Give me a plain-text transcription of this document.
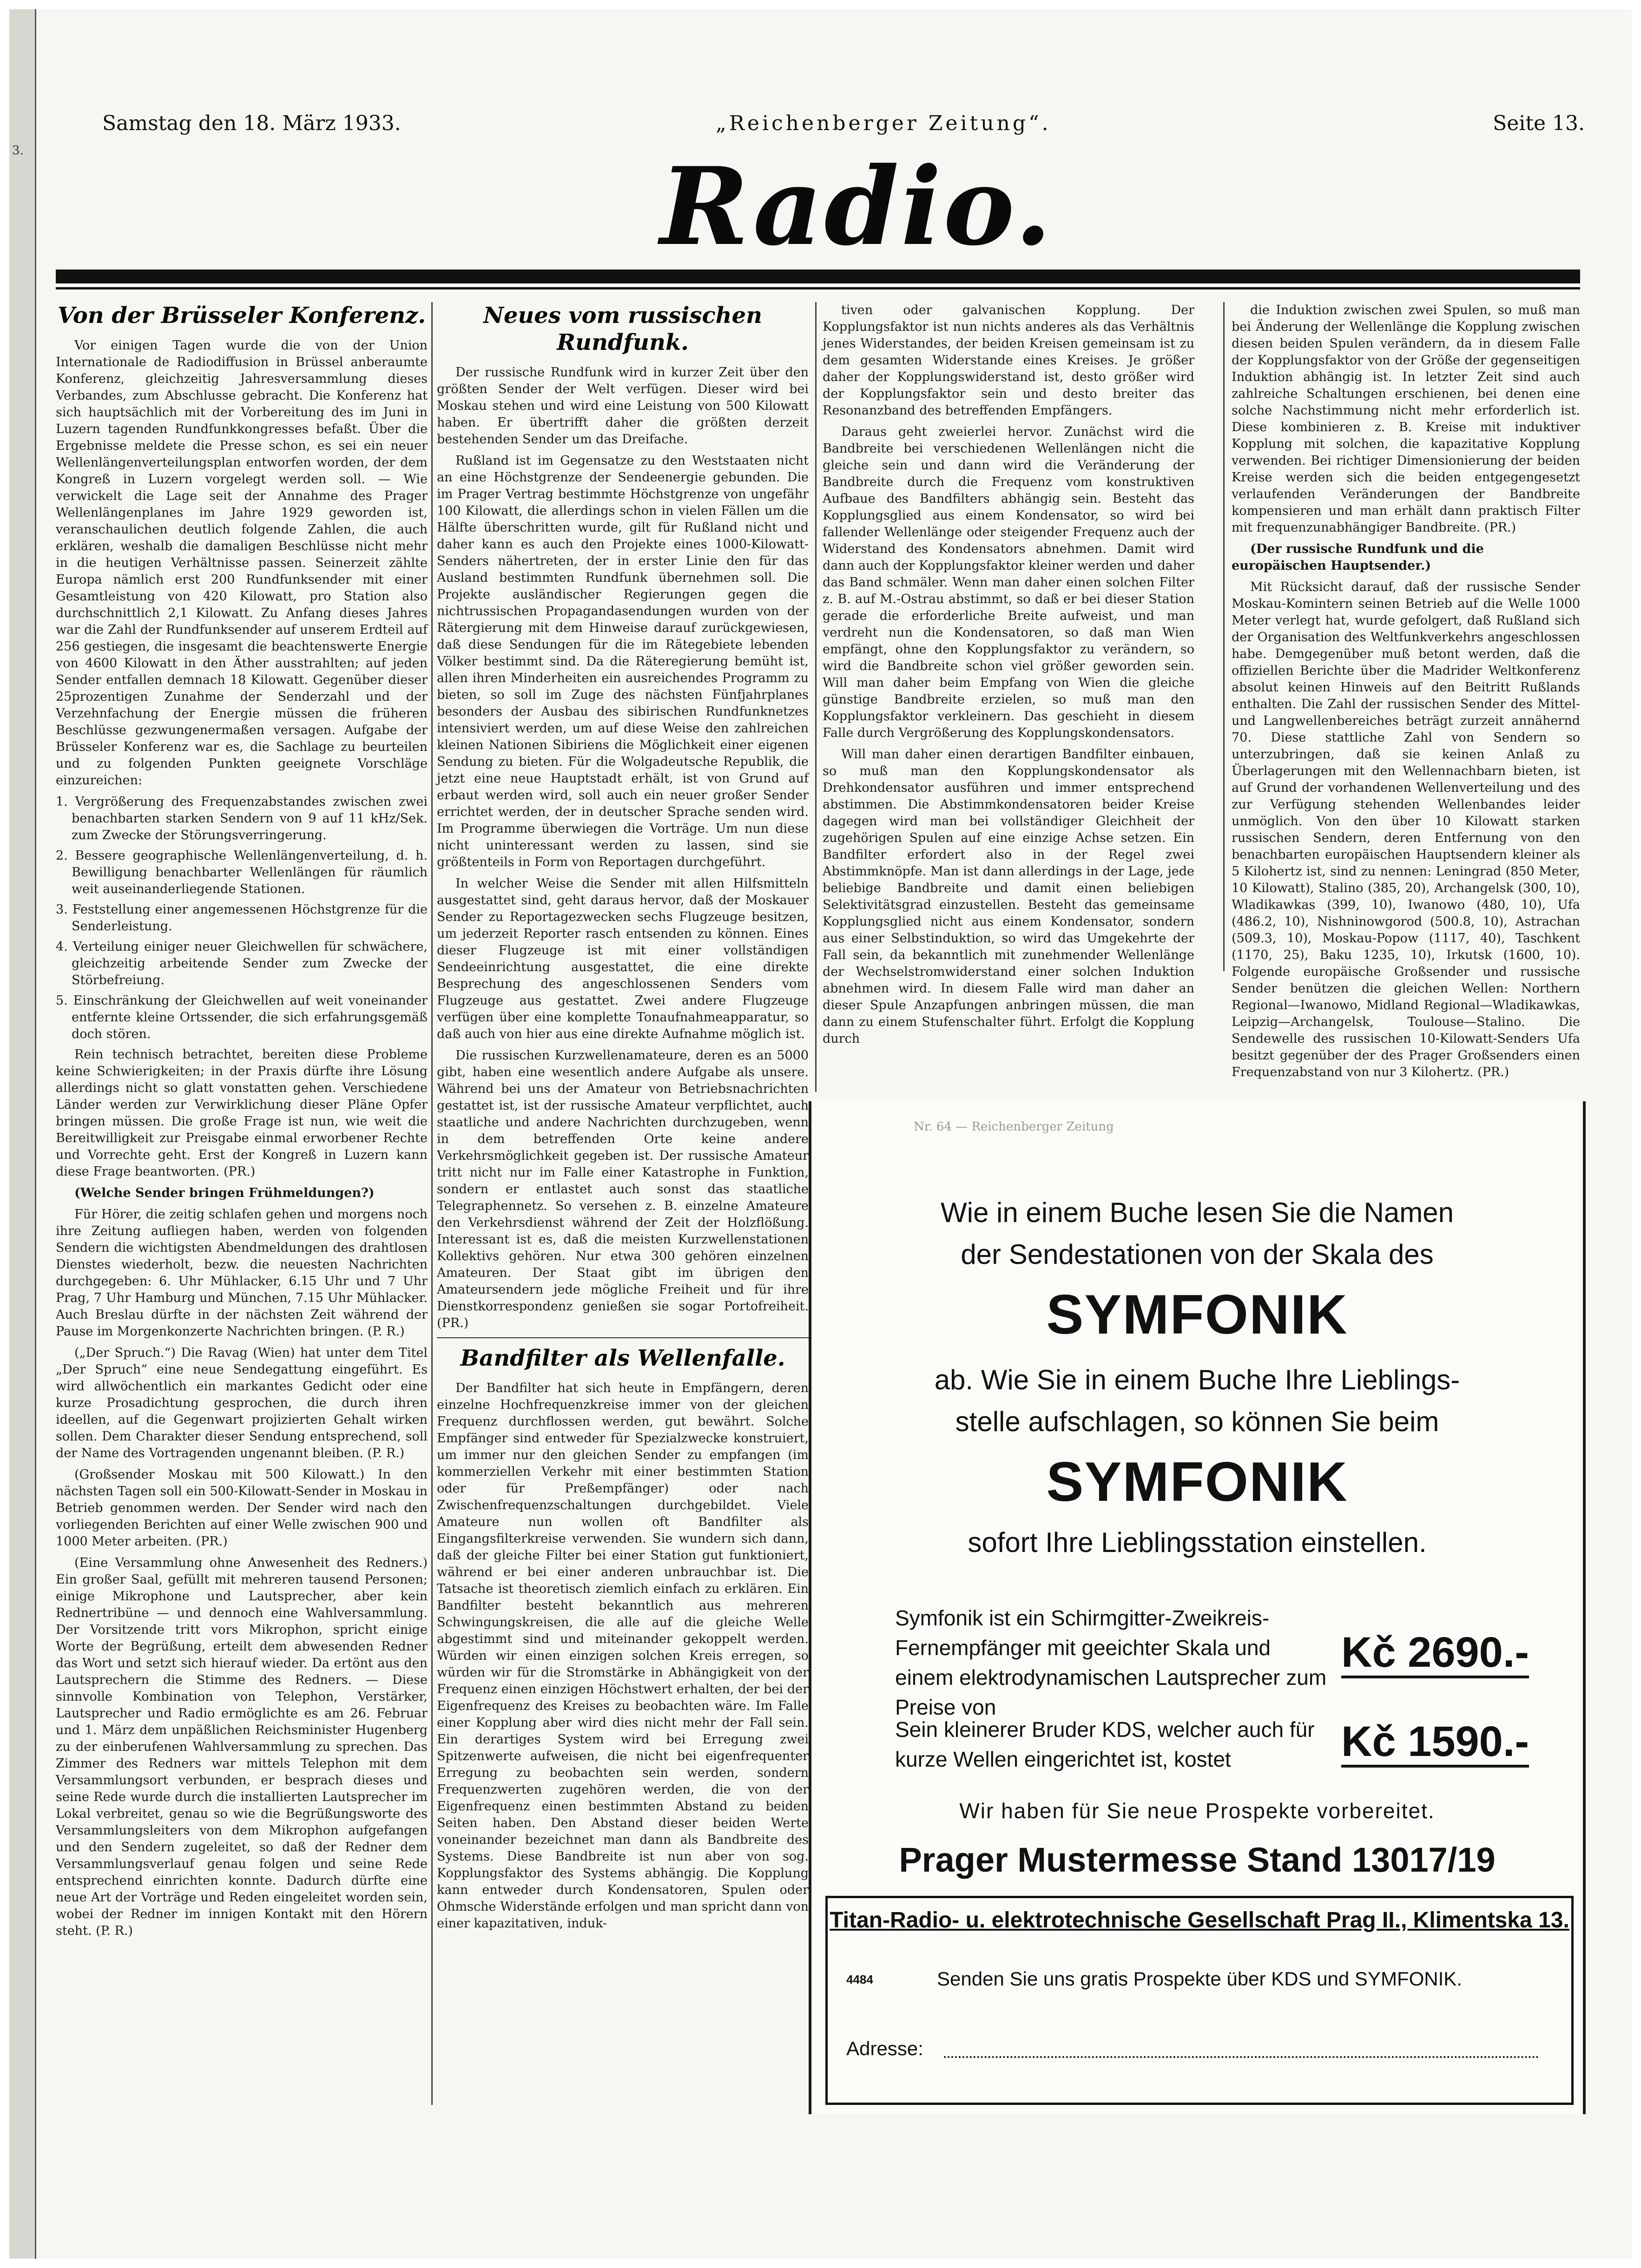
3.
Samstag den 18. März 1933.	„Reichenberger Zeitung“.	Seite 13.
Radio.
Von der Brüsseler Konferenz.

Vor einigen Tagen wurde die von der Union Internationale de Radiodiffusion in Brüssel anberaumte Konferenz, gleichzeitig Jahresversammlung dieses Verbandes, zum Abschlusse gebracht. Die Konferenz hat sich hauptsächlich mit der Vorbereitung des im Juni in Luzern tagenden Rundfunkkongresses befaßt. Über die Ergebnisse meldete die Presse schon, es sei ein neuer Wellenlängenverteilungsplan entworfen worden, der dem Kongreß in Luzern vorgelegt werden soll. — Wie verwickelt die Lage seit der Annahme des Prager Wellenlängenplanes im Jahre 1929 geworden ist, veranschaulichen deutlich folgende Zahlen, die auch erklären, weshalb die damaligen Beschlüsse nicht mehr in die heutigen Verhältnisse passen. Seinerzeit zählte Europa nämlich erst 200 Rundfunksender mit einer Gesamtleistung von 420 Kilowatt, pro Station also durchschnittlich 2,1 Kilowatt. Zu Anfang dieses Jahres war die Zahl der Rundfunksender auf unserem Erdteil auf 256 gestiegen, die insgesamt die beachtenswerte Energie von 4600 Kilowatt in den Äther ausstrahlten; auf jeden Sender entfallen demnach 18 Kilowatt. Gegenüber dieser 25prozentigen Zunahme der Senderzahl und der Verzehnfachung der Energie müssen die früheren Beschlüsse gezwungenermaßen versagen. Aufgabe der Brüsseler Konferenz war es, die Sachlage zu beurteilen und zu folgenden Punkten geeignete Vorschläge einzureichen:

1. Vergrößerung des Frequenzabstandes zwischen zwei benachbarten starken Sendern von 9 auf 11 kHz/Sek. zum Zwecke der Störungsverringerung.
2. Bessere geographische Wellenlängenverteilung, d. h. Bewilligung benachbarter Wellenlängen für räumlich weit auseinanderliegende Stationen.
3. Feststellung einer angemessenen Höchstgrenze für die Senderleistung.
4. Verteilung einiger neuer Gleichwellen für schwächere, gleichzeitig arbeitende Sender zum Zwecke der Störbefreiung.
5. Einschränkung der Gleichwellen auf weit voneinander entfernte kleine Ortssender, die sich erfahrungsgemäß doch stören.

Rein technisch betrachtet, bereiten diese Probleme keine Schwierigkeiten; in der Praxis dürfte ihre Lösung allerdings nicht so glatt vonstatten gehen. Verschiedene Länder werden zur Verwirklichung dieser Pläne Opfer bringen müssen. Die große Frage ist nun, wie weit die Bereitwilligkeit zur Preisgabe einmal erworbener Rechte und Vorrechte geht. Erst der Kongreß in Luzern kann diese Frage beantworten. (PR.)

(Welche Sender bringen Frühmeldungen?)

Für Hörer, die zeitig schlafen gehen und morgens noch ihre Zeitung aufliegen haben, werden von folgenden Sendern die wichtigsten Abendmeldungen des drahtlosen Dienstes wiederholt, bezw. die neuesten Nachrichten durchgegeben: 6. Uhr Mühlacker, 6.15 Uhr und 7 Uhr Prag, 7 Uhr Hamburg und München, 7.15 Uhr Mühlacker. Auch Breslau dürfte in der nächsten Zeit während der Pause im Morgenkonzerte Nachrichten bringen. (P. R.)

(„Der Spruch.“) Die Ravag (Wien) hat unter dem Titel „Der Spruch“ eine neue Sendegattung eingeführt. Es wird allwöchentlich ein markantes Gedicht oder eine kurze Prosadichtung gesprochen, die durch ihren ideellen, auf die Gegenwart projizierten Gehalt wirken sollen. Dem Charakter dieser Sendung entsprechend, soll der Name des Vortragenden ungenannt bleiben. (P. R.)

(Großsender Moskau mit 500 Kilowatt.) In den nächsten Tagen soll ein 500-Kilowatt-Sender in Moskau in Betrieb genommen werden. Der Sender wird nach den vorliegenden Berichten auf einer Welle zwischen 900 und 1000 Meter arbeiten. (PR.)

(Eine Versammlung ohne Anwesenheit des Redners.) Ein großer Saal, gefüllt mit mehreren tausend Personen; einige Mikrophone und Lautsprecher, aber kein Rednertribüne — und dennoch eine Wahlversammlung. Der Vorsitzende tritt vors Mikrophon, spricht einige Worte der Begrüßung, erteilt dem abwesenden Redner das Wort und setzt sich hierauf wieder. Da ertönt aus den Lautsprechern die Stimme des Redners. — Diese sinnvolle Kombination von Telephon, Verstärker, Lautsprecher und Radio ermöglichte es am 26. Februar und 1. März dem unpäßlichen Reichsminister Hugenberg zu der einberufenen Wahlversammlung zu sprechen. Das Zimmer des Redners war mittels Telephon mit dem Versammlungsort verbunden, er besprach dieses und seine Rede wurde durch die installierten Lautsprecher im Lokal verbreitet, genau so wie die Begrüßungsworte des Versammlungsleiters von dem Mikrophon aufgefangen und den Sendern zugeleitet, so daß der Redner dem Versammlungsverlauf genau folgen und seine Rede entsprechend einrichten konnte. Dadurch dürfte eine neue Art der Vorträge und Reden eingeleitet worden sein, wobei der Redner im innigen Kontakt mit den Hörern steht. (P. R.)

Neues vom russischen Rundfunk.

Der russische Rundfunk wird in kurzer Zeit über den größten Sender der Welt verfügen. Dieser wird bei Moskau stehen und wird eine Leistung von 500 Kilowatt haben. Er übertrifft daher die größten derzeit bestehenden Sender um das Dreifache.

Rußland ist im Gegensatze zu den Weststaaten nicht an eine Höchstgrenze der Sendeenergie gebunden. Die im Prager Vertrag bestimmte Höchstgrenze von ungefähr 100 Kilowatt, die allerdings schon in vielen Fällen um die Hälfte überschritten wurde, gilt für Rußland nicht und daher kann es auch den Projekte eines 1000-Kilowatt-Senders nähertreten, der in erster Linie den für das Ausland bestimmten Rundfunk übernehmen soll. Die Projekte ausländischer Regierungen gegen die nichtrussischen Propagandasendungen wurden von der Rätergierung mit dem Hinweise darauf zurückgewiesen, daß diese Sendungen für die im Rätegebiete lebenden Völker bestimmt sind. Da die Räteregierung bemüht ist, allen ihren Minderheiten ein ausreichendes Programm zu bieten, so soll im Zuge des nächsten Fünfjahrplanes besonders der Ausbau des sibirischen Rundfunknetzes intensiviert werden, um auf diese Weise den zahlreichen kleinen Nationen Sibiriens die Möglichkeit einer eigenen Sendung zu bieten. Für die Wolgadeutsche Republik, die jetzt eine neue Hauptstadt erhält, ist von Grund auf erbaut werden wird, soll auch ein neuer großer Sender errichtet werden, der in deutscher Sprache senden wird. Im Programme überwiegen die Vorträge. Um nun diese nicht uninteressant werden zu lassen, sind sie größtenteils in Form von Reportagen durchgeführt.

In welcher Weise die Sender mit allen Hilfsmitteln ausgestattet sind, geht daraus hervor, daß der Moskauer Sender zu Reportagezwecken sechs Flugzeuge besitzen, um jederzeit Reporter rasch entsenden zu können. Eines dieser Flugzeuge ist mit einer vollständigen Sendeeinrichtung ausgestattet, die eine direkte Besprechung des angeschlossenen Senders vom Flugzeuge aus gestattet. Zwei andere Flugzeuge verfügen über eine komplette Tonaufnahmeapparatur, so daß auch von hier aus eine direkte Aufnahme möglich ist.

Die russischen Kurzwellenamateure, deren es an 5000 gibt, haben eine wesentlich andere Aufgabe als unsere. Während bei uns der Amateur von Betriebsnachrichten gestattet ist, ist der russische Amateur verpflichtet, auch staatliche und andere Nachrichten durchzugeben, wenn in dem betreffenden Orte keine andere Verkehrsmöglichkeit gegeben ist. Der russische Amateur tritt nicht nur im Falle einer Katastrophe in Funktion, sondern er entlastet auch sonst das staatliche Telegraphennetz. So versehen z. B. einzelne Amateure den Verkehrsdienst während der Zeit der Holzflößung. Interessant ist es, daß die meisten Kurzwellenstationen Kollektivs gehören. Nur etwa 300 gehören einzelnen Amateuren. Der Staat gibt im übrigen den Amateursendern jede mögliche Freiheit und für ihre Dienstkorrespondenz genießen sie sogar Portofreiheit. (PR.)

Bandfilter als Wellenfalle.

Der Bandfilter hat sich heute in Empfängern, deren einzelne Hochfrequenzkreise immer von der gleichen Frequenz durchflossen werden, gut bewährt. Solche Empfänger sind entweder für Spezialzwecke konstruiert, um immer nur den gleichen Sender zu empfangen (im kommerziellen Verkehr mit einer bestimmten Station oder für Preßempfänger) oder nach Zwischenfrequenzschaltungen durchgebildet. Viele Amateure nun wollen oft Bandfilter als Eingangsfilterkreise verwenden. Sie wundern sich dann, daß der gleiche Filter bei einer Station gut funktioniert, während er bei einer anderen unbrauchbar ist. Die Tatsache ist theoretisch ziemlich einfach zu erklären. Ein Bandfilter besteht bekanntlich aus mehreren Schwingungskreisen, die alle auf die gleiche Welle abgestimmt sind und miteinander gekoppelt werden. Würden wir einen einzigen solchen Kreis erregen, so würden wir für die Stromstärke in Abhängigkeit von der Frequenz einen einzigen Höchstwert erhalten, der bei der Eigenfrequenz des Kreises zu beobachten wäre. Im Falle einer Kopplung aber wird dies nicht mehr der Fall sein. Ein derartiges System wird bei Erregung zwei Spitzenwerte aufweisen, die nicht bei eigenfrequenter Erregung zu beobachten sein werden, sondern Frequenzwerten zugehören werden, die von der Eigenfrequenz einen bestimmten Abstand zu beiden Seiten haben. Den Abstand dieser beiden Werte voneinander bezeichnet man dann als Bandbreite des Systems. Diese Bandbreite ist nun aber von sog. Kopplungsfaktor des Systems abhängig. Die Kopplung kann entweder durch Kondensatoren, Spulen oder Ohmsche Widerstände erfolgen und man spricht dann von einer kapazitativen, induk-

tiven oder galvanischen Kopplung. Der Kopplungsfaktor ist nun nichts anderes als das Verhältnis jenes Widerstandes, der beiden Kreisen gemeinsam ist zu dem gesamten Widerstande eines Kreises. Je größer daher der Kopplungswiderstand ist, desto größer wird der Kopplungsfaktor sein und desto breiter das Resonanzband des betreffenden Empfängers.

Daraus geht zweierlei hervor. Zunächst wird die Bandbreite bei verschiedenen Wellenlängen nicht die gleiche sein und dann wird die Veränderung der Bandbreite durch die Frequenz vom konstruktiven Aufbaue des Bandfilters abhängig sein. Besteht das Kopplungsglied aus einem Kondensator, so wird bei fallender Wellenlänge oder steigender Frequenz auch der Widerstand des Kondensators abnehmen. Damit wird dann auch der Kopplungsfaktor kleiner werden und daher das Band schmäler. Wenn man daher einen solchen Filter z. B. auf M.-Ostrau abstimmt, so daß er bei dieser Station gerade die erforderliche Breite aufweist, und man verdreht nun die Kondensatoren, so daß man Wien empfängt, ohne den Kopplungsfaktor zu verändern, so wird die Bandbreite schon viel größer geworden sein. Will man daher beim Empfang von Wien die gleiche günstige Bandbreite erzielen, so muß man den Kopplungsfaktor verkleinern. Das geschieht in diesem Falle durch Vergrößerung des Kopplungskondensators.

Will man daher einen derartigen Bandfilter einbauen, so muß man den Kopplungskondensator als Drehkondensator ausführen und immer entsprechend abstimmen. Die Abstimmkondensatoren beider Kreise dagegen wird man bei vollständiger Gleichheit der zugehörigen Spulen auf eine einzige Achse setzen. Ein Bandfilter erfordert also in der Regel zwei Abstimmknöpfe. Man ist dann allerdings in der Lage, jede beliebige Bandbreite und damit einen beliebigen Selektivitätsgrad einzustellen. Besteht das gemeinsame Kopplungsglied nicht aus einem Kondensator, sondern aus einer Selbstinduktion, so wird das Umgekehrte der Fall sein, da bekanntlich mit zunehmender Wellenlänge der Wechselstromwiderstand einer solchen Induktion abnehmen wird. In diesem Falle wird man daher an dieser Spule Anzapfungen anbringen müssen, die man dann zu einem Stufenschalter führt. Erfolgt die Kopplung durch

die Induktion zwischen zwei Spulen, so muß man bei Änderung der Wellenlänge die Kopplung zwischen diesen beiden Spulen verändern, da in diesem Falle der Kopplungsfaktor von der Größe der gegenseitigen Induktion abhängig ist. In letzter Zeit sind auch zahlreiche Schaltungen erschienen, bei denen eine solche Nachstimmung nicht mehr erforderlich ist. Diese kombinieren z. B. Kreise mit induktiver Kopplung mit solchen, die kapazitative Kopplung verwenden. Bei richtiger Dimensionierung der beiden Kreise werden sich die beiden entgegengesetzt verlaufenden Veränderungen der Bandbreite kompensieren und man erhält dann praktisch Filter mit frequenzunabhängiger Bandbreite. (PR.)

(Der russische Rundfunk und die europäischen Hauptsender.)

Mit Rücksicht darauf, daß der russische Sender Moskau-Komintern seinen Betrieb auf die Welle 1000 Meter verlegt hat, wurde gefolgert, daß Rußland sich der Organisation des Weltfunkverkehrs angeschlossen habe. Demgegenüber muß betont werden, daß die offiziellen Berichte über die Madrider Weltkonferenz absolut keinen Hinweis auf den Beitritt Rußlands enthalten. Die Zahl der russischen Sender des Mittel- und Langwellenbereiches beträgt zurzeit annähernd 70. Diese stattliche Zahl von Sendern so unterzubringen, daß sie keinen Anlaß zu Überlagerungen mit den Wellennachbarn bieten, ist auf Grund der vorhandenen Wellenverteilung und des zur Verfügung stehenden Wellenbandes leider unmöglich. Von den über 10 Kilowatt starken russischen Sendern, deren Entfernung von den benachbarten europäischen Hauptsendern kleiner als 5 Kilohertz ist, sind zu nennen: Leningrad (850 Meter, 10 Kilowatt), Stalino (385, 20), Archangelsk (300, 10), Wladikawkas (399, 10), Iwanowo (480, 10), Ufa (486.2, 10), Nishninowgorod (500.8, 10), Astrachan (509.3, 10), Moskau-Popow (1117, 40), Taschkent (1170, 25), Baku 1235, 10), Irkutsk (1600, 10). Folgende europäische Großsender und russische Sender benützen die gleichen Wellen: Northern Regional—Iwanowo, Midland Regional—Wladikawkas, Leipzig—Archangelsk, Toulouse—Stalino. Die Sendewelle des russischen 10-Kilowatt-Senders Ufa besitzt gegenüber der des Prager Großsenders einen Frequenzabstand von nur 3 Kilohertz. (PR.)

Nr. 64 — Reichenberger Zeitung
Wie in einem Buche lesen Sie die Namen
der Sendestationen von der Skala des
SYMFONIK
ab. Wie Sie in einem Buche Ihre Lieblings-
stelle aufschlagen, so können Sie beim
SYMFONIK
sofort Ihre Lieblingsstation einstellen.
Symfonik ist ein Schirmgitter-Zweikreis-Fernempfänger mit geeichter Skala und einem elektrodynamischen Lautsprecher zum Preise von
Kč 2690.-
Sein kleinerer Bruder KDS, welcher auch für kurze Wellen eingerichtet ist, kostet	Kč 1590.-
Wir haben für Sie neue Prospekte vorbereitet.
Prager Mustermesse Stand 13017/19
Titan-Radio- u. elektrotechnische Gesellschaft Prag II., Klimentska 13.
4484	Senden Sie uns gratis Prospekte über KDS und SYMFONIK.
Adresse:
